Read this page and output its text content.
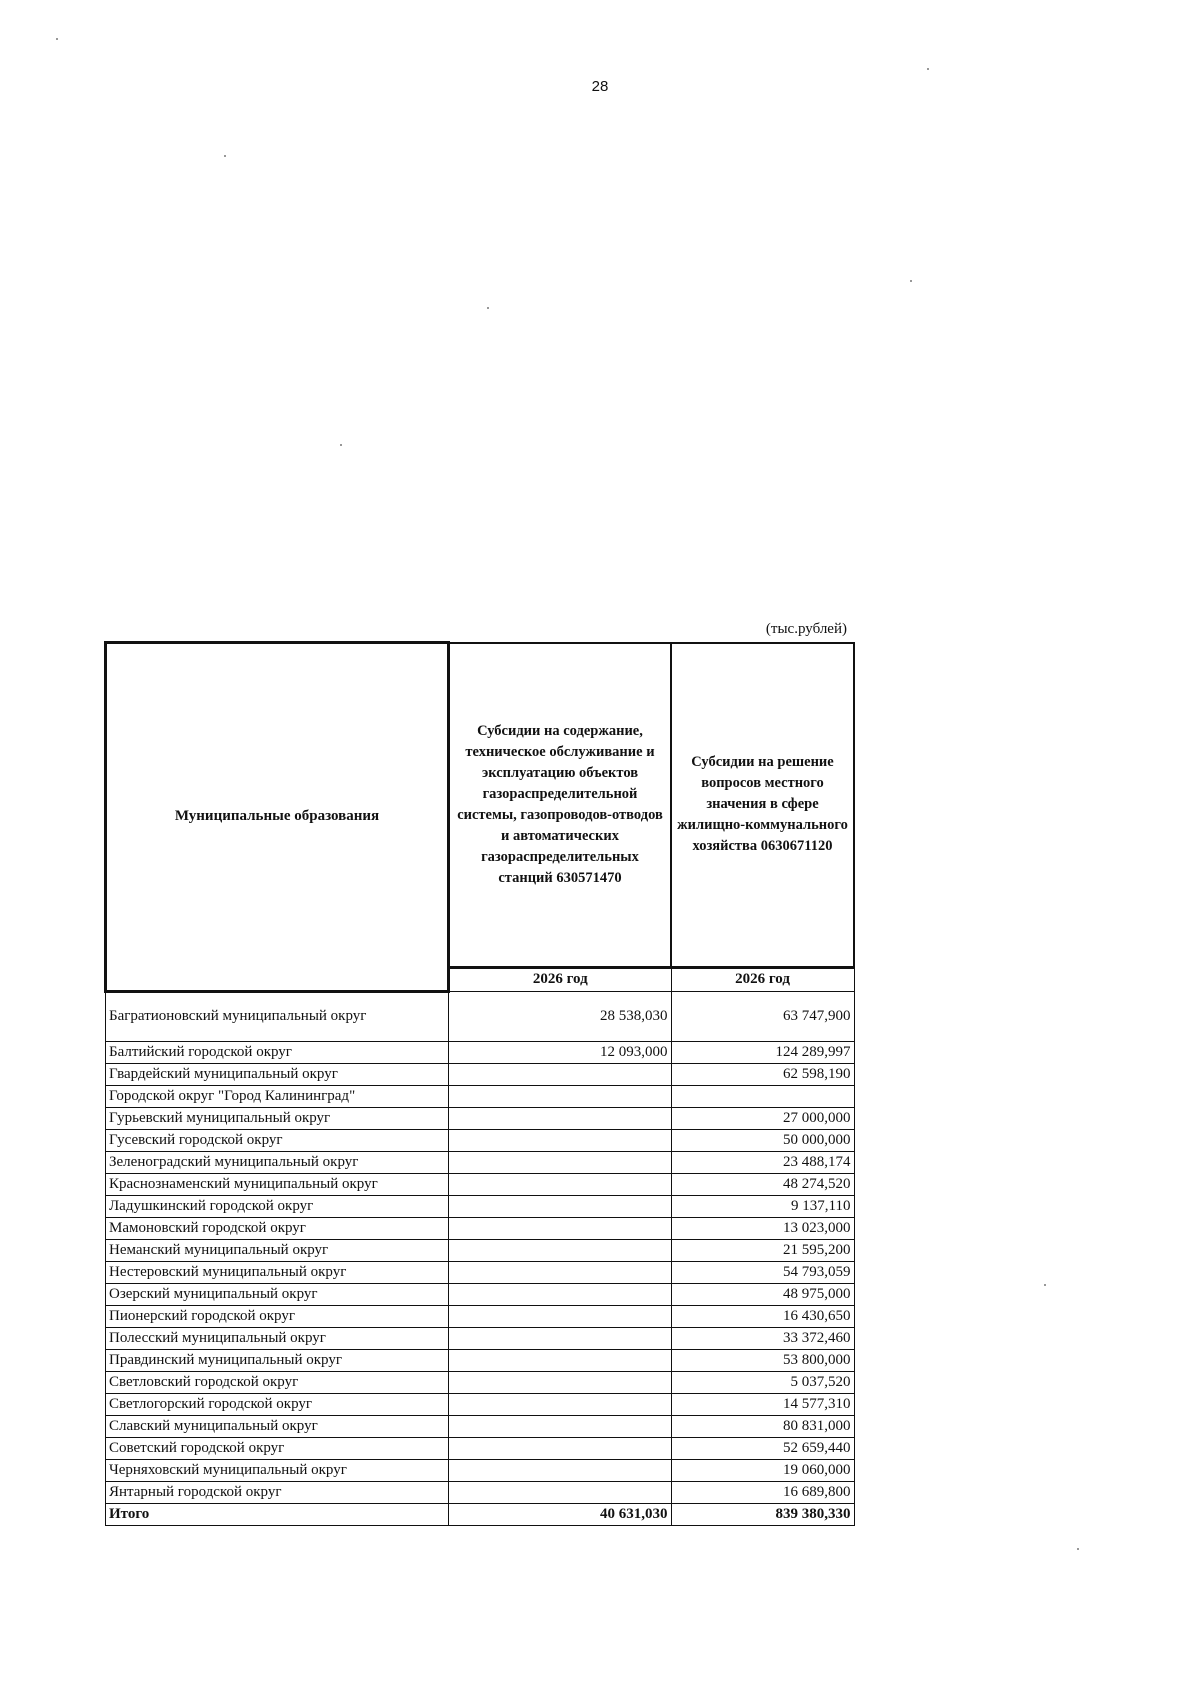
28
(тыс.рублей)
Муниципальные образования	Субсидии на содержание, техническое обслуживание и эксплуатацию объектов газораспределительной системы, газопроводов-отводов и автоматических газораспределительных станций 630571470	Субсидии на решение вопросов местного значения в сфере жилищно-коммунального хозяйства 0630671120
	2026 год	2026 год
Багратионовский муниципальный округ	28 538,030	63 747,900
Балтийский городской округ	12 093,000	124 289,997
Гвардейский муниципальный округ		62 598,190
Городской округ "Город Калининград"		
Гурьевский муниципальный округ		27 000,000
Гусевский городской округ		50 000,000
Зеленоградский муниципальный округ		23 488,174
Краснознаменский муниципальный округ		48 274,520
Ладушкинский городской округ		9 137,110
Мамоновский городской округ		13 023,000
Неманский муниципальный округ		21 595,200
Нестеровский муниципальный округ		54 793,059
Озерский муниципальный округ		48 975,000
Пионерский городской округ		16 430,650
Полесский муниципальный округ		33 372,460
Правдинский муниципальный округ		53 800,000
Светловский городской округ		5 037,520
Светлогорский городской округ		14 577,310
Славский муниципальный округ		80 831,000
Советский городской округ		52 659,440
Черняховский муниципальный округ		19 060,000
Янтарный городской округ		16 689,800
Итого	40 631,030	839 380,330
